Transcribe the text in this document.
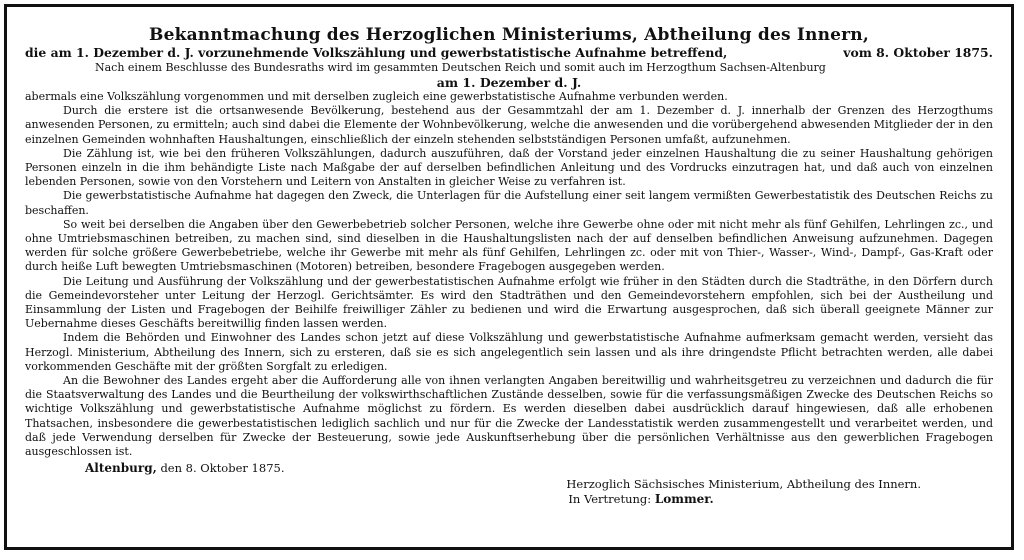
Bekanntmachung des Herzoglichen Ministeriums, Abtheilung des Innern,

die am 1. Dezember d. J. vorzunehmende Volkszählung und gewerbstatistische Aufnahme betreffend,	vom 8. Oktober 1875.

Nach einem Beschlusse des Bundesraths wird im gesammten Deutschen Reich und somit auch im Herzogthum Sachsen-Altenburg

am 1. Dezember d. J.

abermals eine Volkszählung vorgenommen und mit derselben zugleich eine gewerbstatistische Aufnahme verbunden werden.

Durch die erstere ist die ortsanwesende Bevölkerung, bestehend aus der Gesammtzahl der am 1. Dezember d. J. innerhalb der Grenzen des Herzogthums anwesenden Personen, zu ermitteln; auch sind dabei die Elemente der Wohnbevölkerung, welche die anwesenden und die vorübergehend abwesenden Mitglieder der in den einzelnen Gemeinden wohnhaften Haushaltungen, einschließlich der einzeln stehenden selbstständigen Personen umfaßt, aufzunehmen.

Die Zählung ist, wie bei den früheren Volkszählungen, dadurch auszuführen, daß der Vorstand jeder einzelnen Haushaltung die zu seiner Haushaltung gehörigen Personen einzeln in die ihm behändigte Liste nach Maßgabe der auf derselben befindlichen Anleitung und des Vordrucks einzutragen hat, und daß auch von einzelnen lebenden Personen, sowie von den Vorstehern und Leitern von Anstalten in gleicher Weise zu verfahren ist.

Die gewerbstatistische Aufnahme hat dagegen den Zweck, die Unterlagen für die Aufstellung einer seit langem vermißten Gewerbestatistik des Deutschen Reichs zu beschaffen.

So weit bei derselben die Angaben über den Gewerbebetrieb solcher Personen, welche ihre Gewerbe ohne oder mit nicht mehr als fünf Gehilfen, Lehrlingen zc., und ohne Umtriebsmaschinen betreiben, zu machen sind, sind dieselben in die Haushaltungslisten nach der auf denselben befindlichen Anweisung aufzunehmen. Dagegen werden für solche größere Gewerbebetriebe, welche ihr Gewerbe mit mehr als fünf Gehilfen, Lehrlingen zc. oder mit von Thier-, Wasser-, Wind-, Dampf-, Gas-Kraft oder durch heiße Luft bewegten Umtriebsmaschinen (Motoren) betreiben, besondere Fragebogen ausgegeben werden.

Die Leitung und Ausführung der Volkszählung und der gewerbestatistischen Aufnahme erfolgt wie früher in den Städten durch die Stadträthe, in den Dörfern durch die Gemeindevorsteher unter Leitung der Herzogl. Gerichtsämter. Es wird den Stadträthen und den Gemeindevorstehern empfohlen, sich bei der Austheilung und Einsammlung der Listen und Fragebogen der Beihilfe freiwilliger Zähler zu bedienen und wird die Erwartung ausgesprochen, daß sich überall geeignete Männer zur Uebernahme dieses Geschäfts bereitwillig finden lassen werden.

Indem die Behörden und Einwohner des Landes schon jetzt auf diese Volkszählung und gewerbstatistische Aufnahme aufmerksam gemacht werden, versieht das Herzogl. Ministerium, Abtheilung des Innern, sich zu ersteren, daß sie es sich angelegentlich sein lassen und als ihre dringendste Pflicht betrachten werden, alle dabei vorkommenden Geschäfte mit der größten Sorgfalt zu erledigen.

An die Bewohner des Landes ergeht aber die Aufforderung alle von ihnen verlangten Angaben bereitwillig und wahrheitsgetreu zu verzeichnen und dadurch die für die Staatsverwaltung des Landes und die Beurtheilung der volkswirthschaftlichen Zustände desselben, sowie für die verfassungsmäßigen Zwecke des Deutschen Reichs so wichtige Volkszählung und gewerbstatistische Aufnahme möglichst zu fördern. Es werden dieselben dabei ausdrücklich darauf hingewiesen, daß alle erhobenen Thatsachen, insbesondere die gewerbestatistischen lediglich sachlich und nur für die Zwecke der Landesstatistik werden zusammengestellt und verarbeitet werden, und daß jede Verwendung derselben für Zwecke der Besteuerung, sowie jede Auskunftserhebung über die persönlichen Verhältnisse aus den gewerblichen Fragebogen ausgeschlossen ist.

Altenburg, den 8. Oktober 1875.

Herzoglich Sächsisches Ministerium, Abtheilung des Innern.
In Vertretung: Lommer.
